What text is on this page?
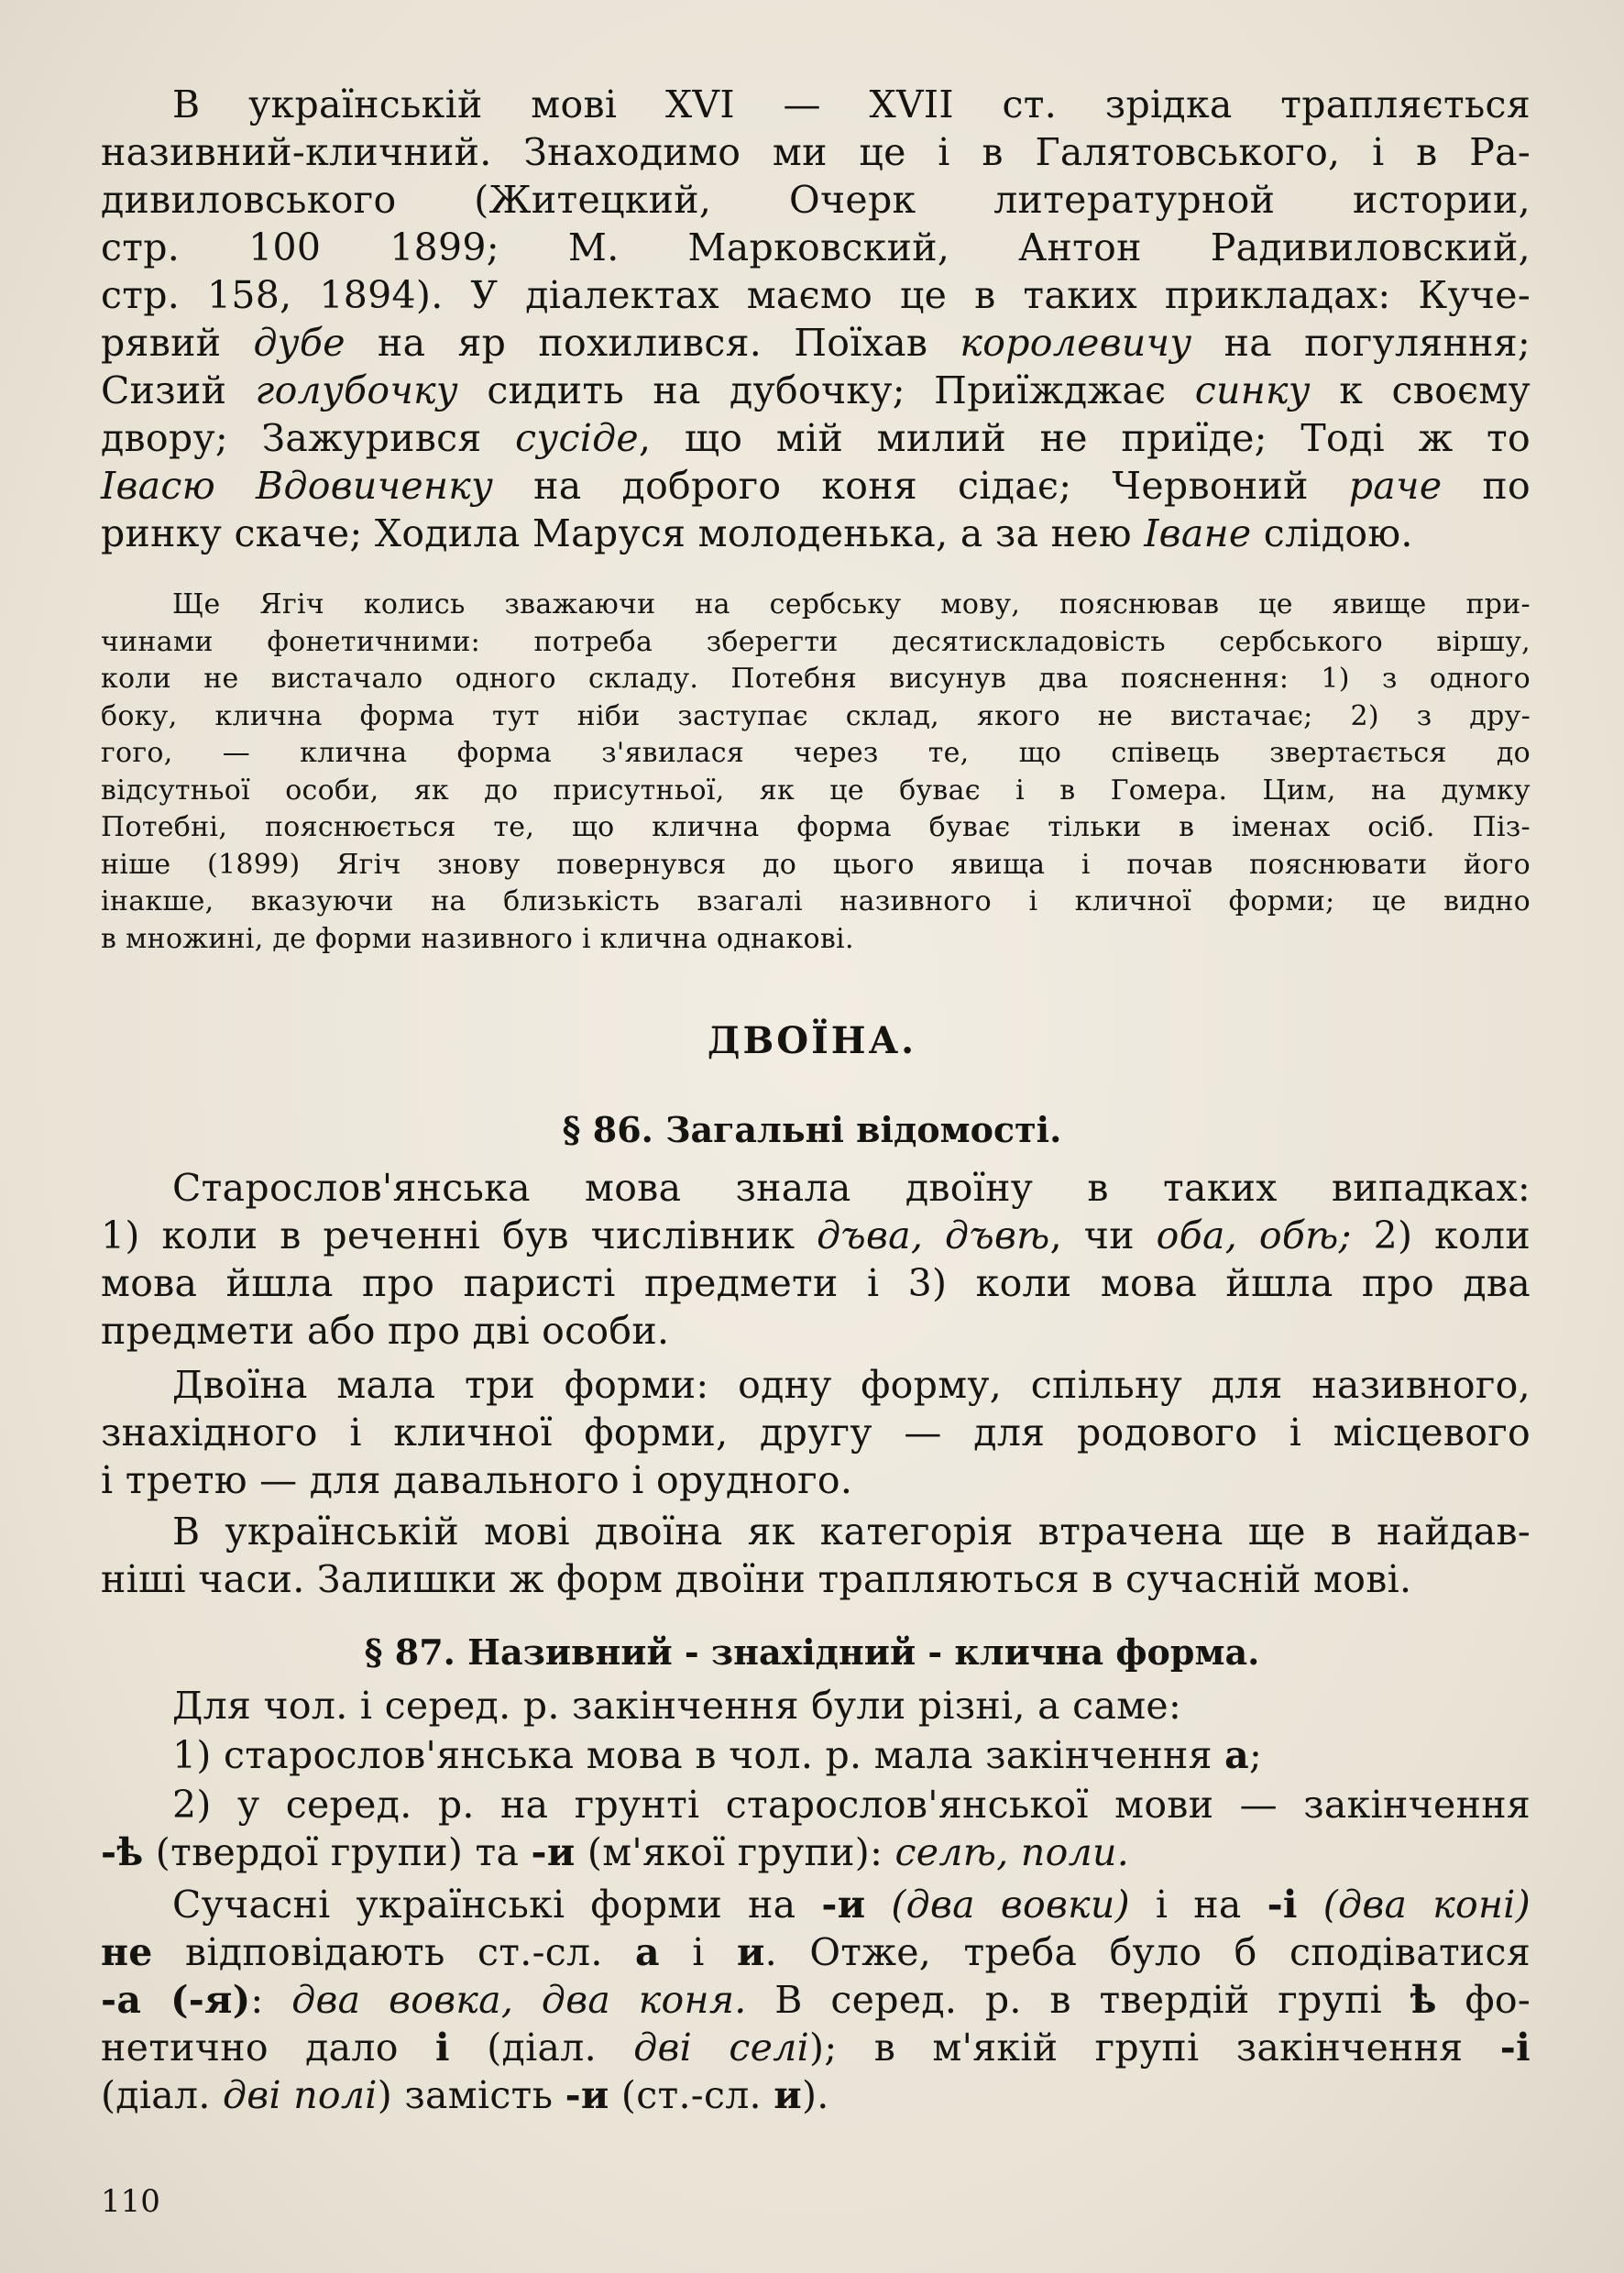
В українській мові XVI — XVII ст. зрідка трапляється
називний-кличний. Знаходимо ми це і в Галятовського, і в Ра-
дивиловського (Житецкий, Очерк литературной истории,
стр. 100 1899; М. Марковский, Антон Радивиловский,
стр. 158, 1894). У діалектах маємо це в таких прикладах: Куче-
рявий дубе на яр похилився. Поїхав королевичу на погуляння;
Сизий голубочку сидить на дубочку; Приїжджає синку к своєму
двору; Зажурився сусіде, що мій милий не приїде; Тоді ж то
Івасю Вдовиченку на доброго коня сідає; Червоний раче по
ринку скаче; Ходила Маруся молоденька, а за нею Іване слідою.
Ще Ягіч колись зважаючи на сербську мову, пояснював це явище при-
чинами фонетичними: потреба зберегти десятискладовість сербського віршу,
коли не вистачало одного складу. Потебня висунув два пояснення: 1) з одного
боку, клична форма тут ніби заступає склад, якого не вистачає; 2) з дру-
гого, — клична форма з'явилася через те, що співець звертається до
відсутньої особи, як до присутньої, як це буває і в Гомера. Цим, на думку
Потебні, пояснюється те, що клична форма буває тільки в іменах осіб. Піз-
ніше (1899) Ягіч знову повернувся до цього явища і почав пояснювати його
інакше, вказуючи на близькість взагалі називного і кличної форми; це видно
в множині, де форми називного і клична однакові.
ДВОЇНА.
§ 86. Загальні відомості.
Старослов'янська мова знала двоїну в таких випадках:
1) коли в реченні був числівник дъва, дъвѣ, чи оба, обѣ; 2) коли
мова йшла про паристі предмети і 3) коли мова йшла про два
предмети або про дві особи.
Двоїна мала три форми: одну форму, спільну для називного,
знахідного і кличної форми, другу — для родового і місцевого
і третю — для давального і орудного.
В українській мові двоїна як категорія втрачена ще в найдав-
ніші часи. Залишки ж форм двоїни трапляються в сучасній мові.
§ 87. Називний - знахідний - клична форма.
Для чол. і серед. р. закінчення були різні, а саме:
1) старослов'янська мова в чол. р. мала закінчення а;
2) у серед. р. на грунті старослов'янської мови — закінчення
-ѣ (твердої групи) та -и (м'якої групи): селѣ, поли.
Сучасні українські форми на -и (два вовки) і на -і (два коні)
не відповідають ст.-сл. а і и. Отже, треба було б сподіватися
-а (-я): два вовка, два коня. В серед. р. в твердій групі ѣ фо-
нетично дало і (діал. дві селі); в м'якій групі закінчення -і
(діал. дві полі) замість -и (ст.-сл. и).
110
